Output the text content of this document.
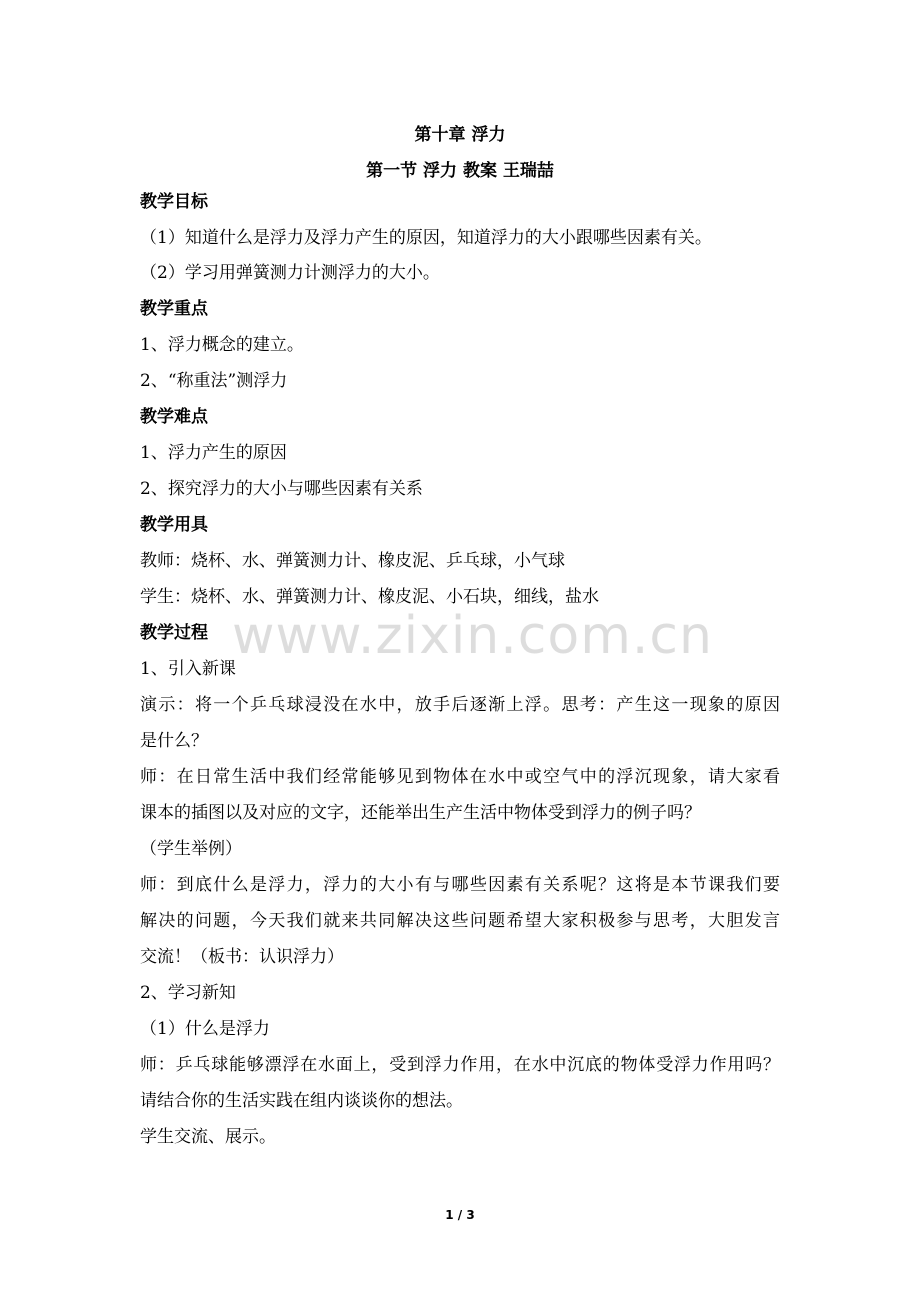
第十章 浮力
第一节 浮力 教案 王瑞喆
教学目标
（1）知道什么是浮力及浮力产生的原因，知道浮力的大小跟哪些因素有关。
（2）学习用弹簧测力计测浮力的大小。
教学重点
1、浮力概念的建立。
2、“称重法”测浮力
教学难点
1、浮力产生的原因
2、探究浮力的大小与哪些因素有关系
教学用具
教师：烧杯、水、弹簧测力计、橡皮泥、乒乓球，小气球
学生：烧杯、水、弹簧测力计、橡皮泥、小石块，细线，盐水
教学过程
1、引入新课
演示：将一个乒乓球浸没在水中，放手后逐渐上浮。思考：产生这一现象的原因
是什么？
师：在日常生活中我们经常能够见到物体在水中或空气中的浮沉现象，请大家看
课本的插图以及对应的文字，还能举出生产生活中物体受到浮力的例子吗？
（学生举例）
师：到底什么是浮力，浮力的大小有与哪些因素有关系呢？这将是本节课我们要
解决的问题，今天我们就来共同解决这些问题希望大家积极参与思考，大胆发言
交流！（板书：认识浮力）
2、学习新知
（1）什么是浮力
师：乒乓球能够漂浮在水面上，受到浮力作用，在水中沉底的物体受浮力作用吗？
请结合你的生活实践在组内谈谈你的想法。
学生交流、展示。
www.zixin.com.cn
1 / 3
